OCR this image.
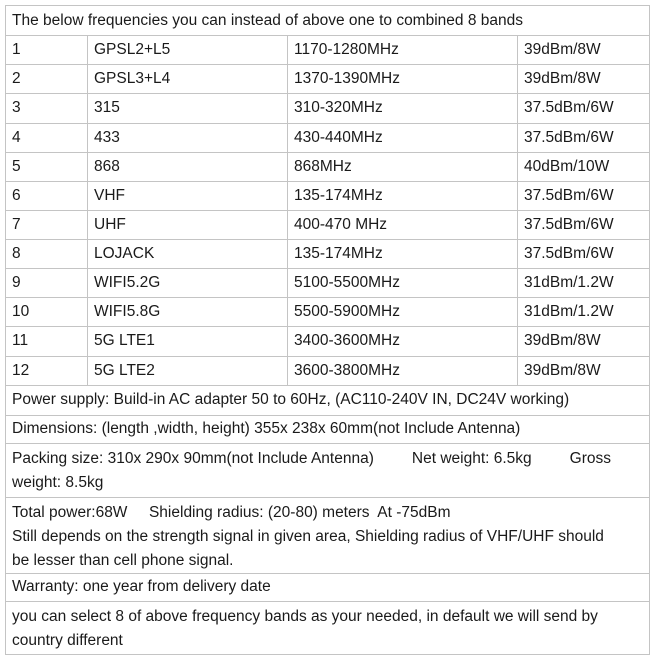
The below frequencies you can instead of above one to combined 8 bands			
1	GPSL2+L5	1170-1280MHz	39dBm/8W
2	GPSL3+L4	1370-1390MHz	39dBm/8W
3	315	310-320MHz	37.5dBm/6W
4	433	430-440MHz	37.5dBm/6W
5	868	868MHz	40dBm/10W
6	VHF	135-174MHz	37.5dBm/6W
7	UHF	400-470 MHz	37.5dBm/6W
8	LOJACK	135-174MHz	37.5dBm/6W
9	WIFI5.2G	5100-5500MHz	31dBm/1.2W
10	WIFI5.8G	5500-5900MHz	31dBm/1.2W
11	5G LTE1	3400-3600MHz	39dBm/8W
12	5G LTE2	3600-3800MHz	39dBm/8W
Power supply: Build-in AC adapter 50 to 60Hz, (AC110-240V IN, DC24V working)			
Dimensions: (length ,width, height) 355x 238x 60mm(not Include Antenna)			

Packing size: 310x 290x 90mm(not Include Antenna) Net weight: 6.5kg Gross
weight: 8.5kg			

Total power:68W     Shielding radius: (20-80) meters  At -75dBm
Still depends on the strength signal in given area, Shielding radius of VHF/UHF should
be lesser than cell phone signal.			

Warranty: one year from delivery date			

you can select 8 of above frequency bands as your needed, in default we will send by
country different			
